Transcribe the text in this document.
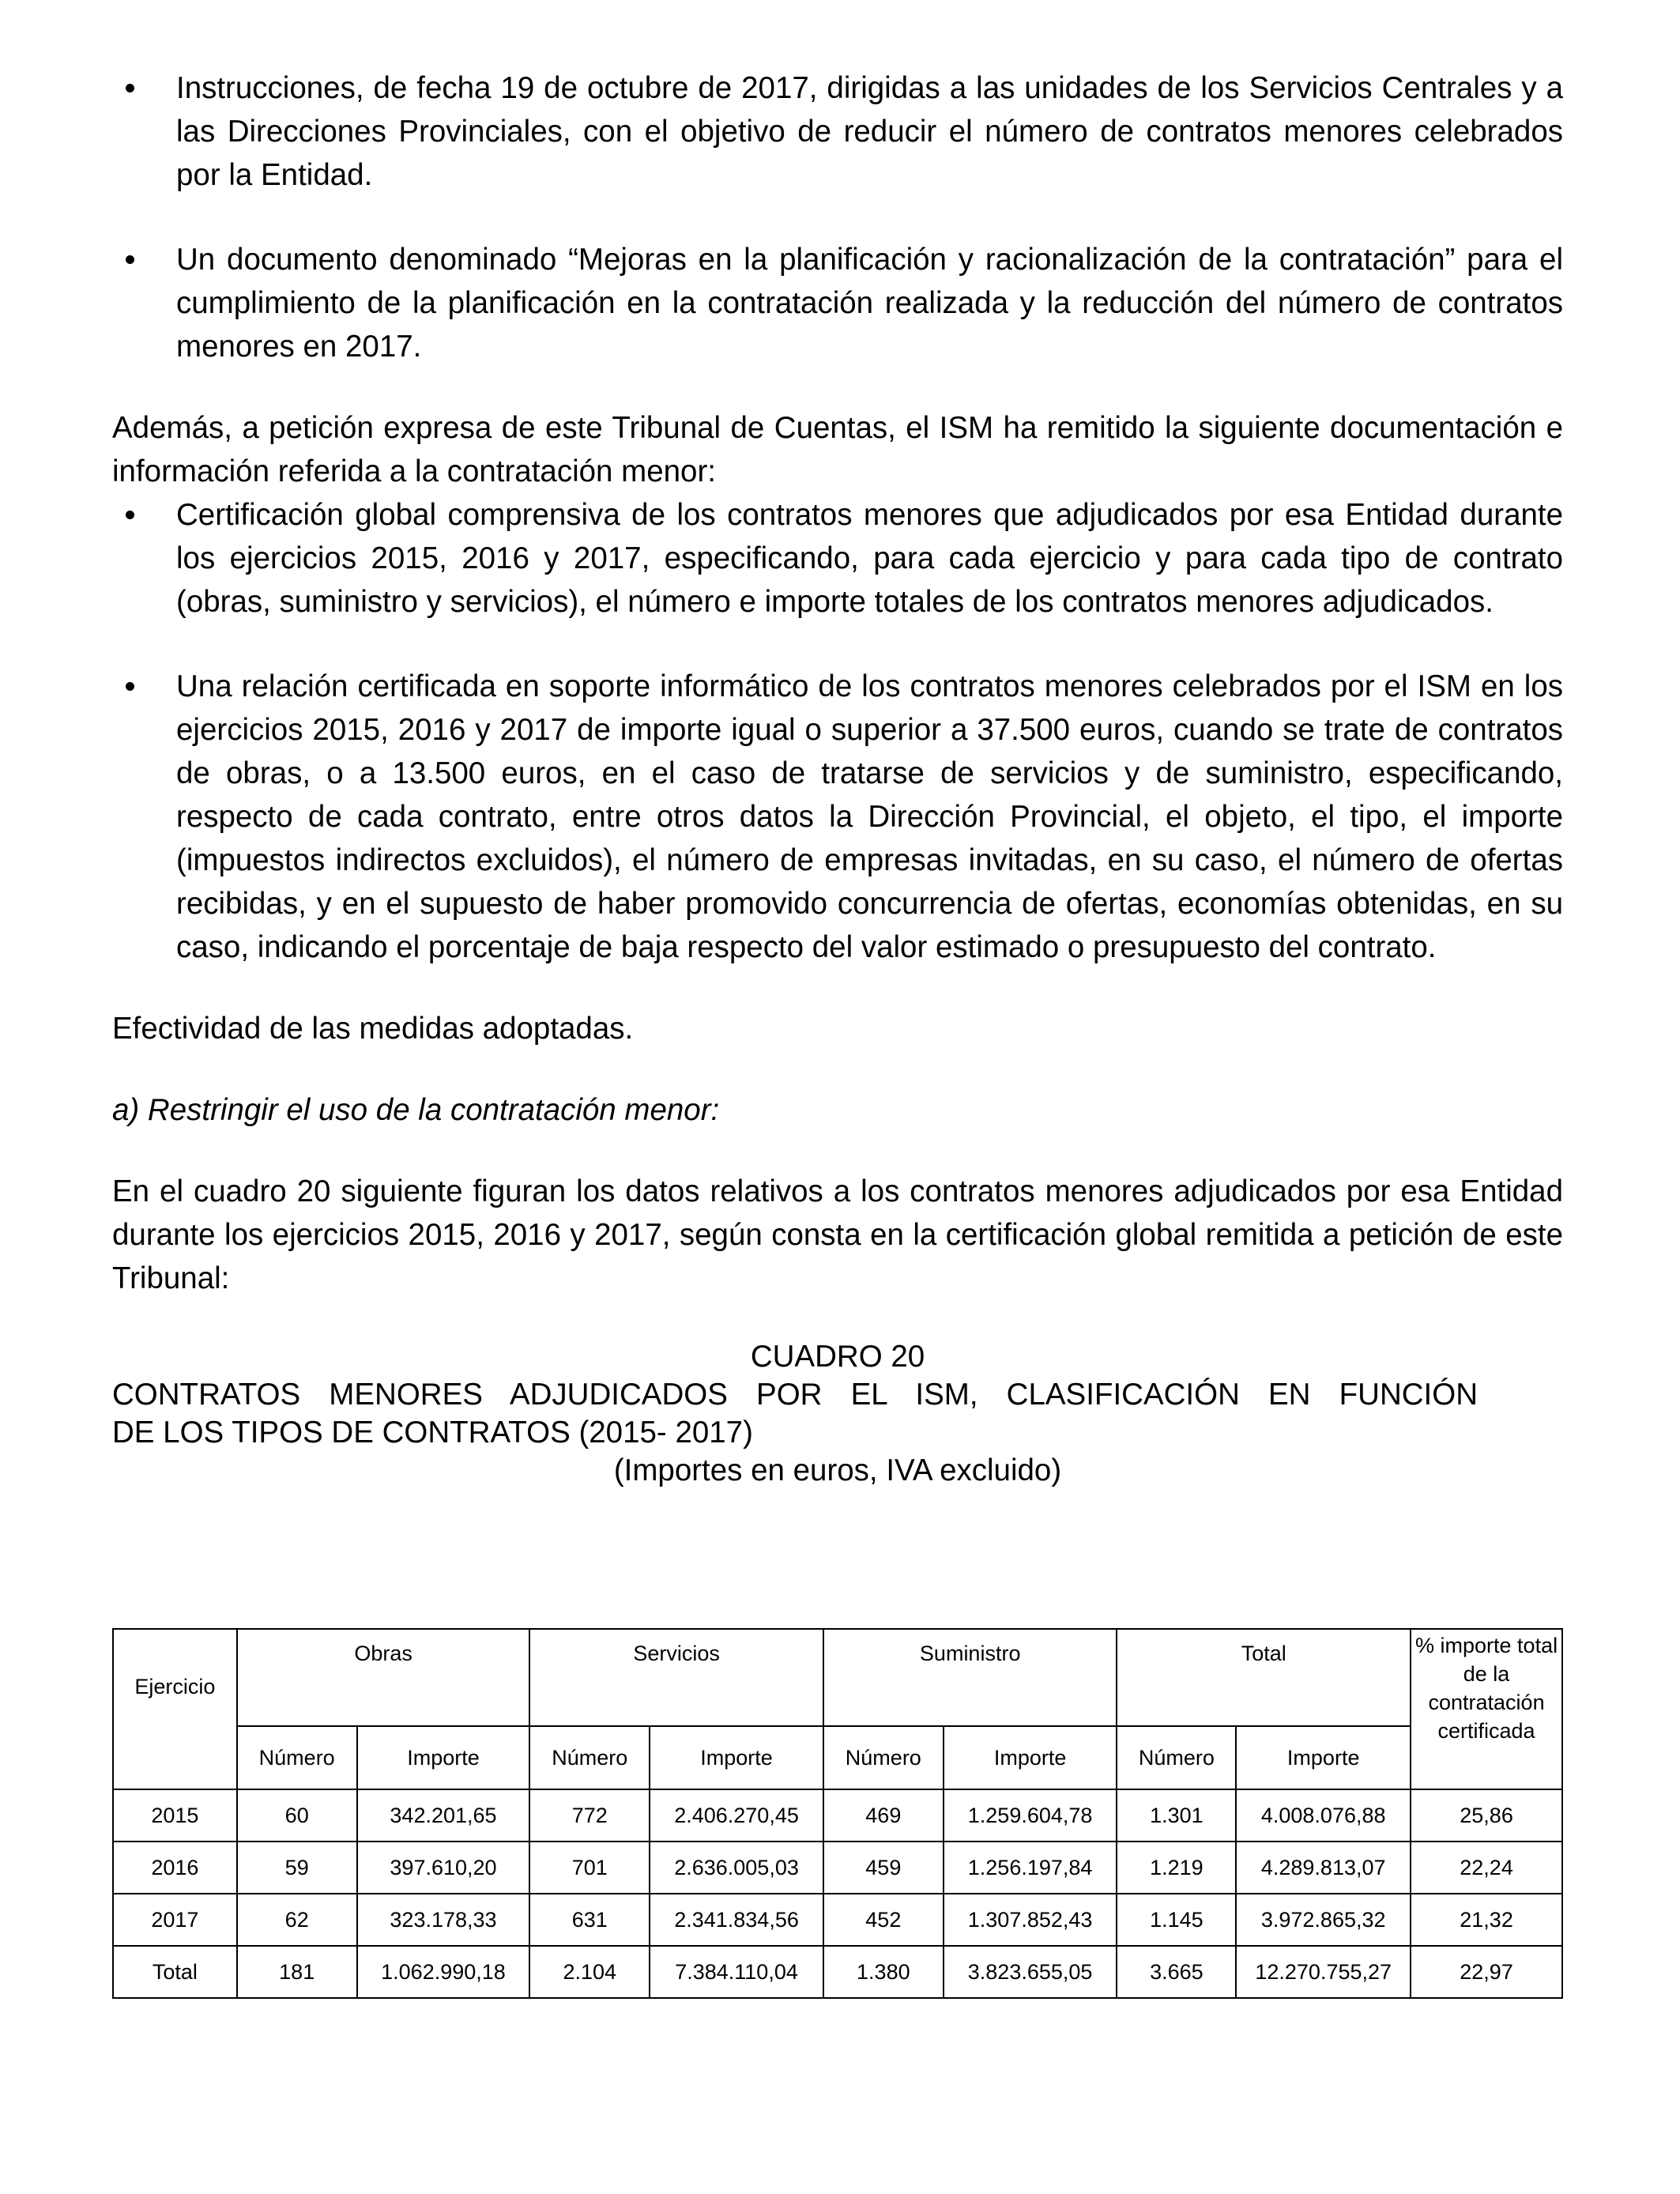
Instrucciones, de fecha 19 de octubre de 2017, dirigidas a las unidades de los Servicios Centrales y a las Direcciones Provinciales, con el objetivo de reducir el número de contratos menores celebrados por la Entidad.
Un documento denominado “Mejoras en la planificación y racionalización de la contratación” para el cumplimiento de la planificación en la contratación realizada y la reducción del número de contratos menores en 2017.

Además, a petición expresa de este Tribunal de Cuentas, el ISM ha remitido la siguiente documentación e información referida a la contratación menor:

Certificación global comprensiva de los contratos menores que adjudicados por esa Entidad durante los ejercicios 2015, 2016 y 2017, especificando, para cada ejercicio y para cada tipo de contrato (obras, suministro y servicios), el número e importe totales de los contratos menores adjudicados.
Una relación certificada en soporte informático de los contratos menores celebrados por el ISM en los ejercicios 2015, 2016 y 2017 de importe igual o superior a 37.500 euros, cuando se trate de contratos de obras, o a 13.500 euros, en el caso de tratarse de servicios y de suministro, especificando, respecto de cada contrato, entre otros datos la Dirección Provincial, el objeto, el tipo, el importe (impuestos indirectos excluidos), el número de empresas invitadas, en su caso, el número de ofertas recibidas, y en el supuesto de haber promovido concurrencia de ofertas, economías obtenidas, en su caso, indicando el porcentaje de baja respecto del valor estimado o presupuesto del contrato.

Efectividad de las medidas adoptadas.

a) Restringir el uso de la contratación menor:

En el cuadro 20 siguiente figuran los datos relativos a los contratos menores adjudicados por esa Entidad durante los ejercicios 2015, 2016 y 2017, según consta en la certificación global remitida a petición de este Tribunal:

CUADRO 20
CONTRATOS MENORES ADJUDICADOS POR EL ISM, CLASIFICACIÓN EN FUNCIÓN
DE LOS TIPOS DE CONTRATOS (2015- 2017)
(Importes en euros, IVA excluido)
Ejercicio	Obras		Servicios		Suministro		Total		% importe total de la contratación certificada
	Número	Importe	Número	Importe	Número	Importe	Número	Importe	
2015	60	342.201,65	772	2.406.270,45	469	1.259.604,78	1.301	4.008.076,88	25,86
2016	59	397.610,20	701	2.636.005,03	459	1.256.197,84	1.219	4.289.813,07	22,24
2017	62	323.178,33	631	2.341.834,56	452	1.307.852,43	1.145	3.972.865,32	21,32
Total	181	1.062.990,18	2.104	7.384.110,04	1.380	3.823.655,05	3.665	12.270.755,27	22,97
